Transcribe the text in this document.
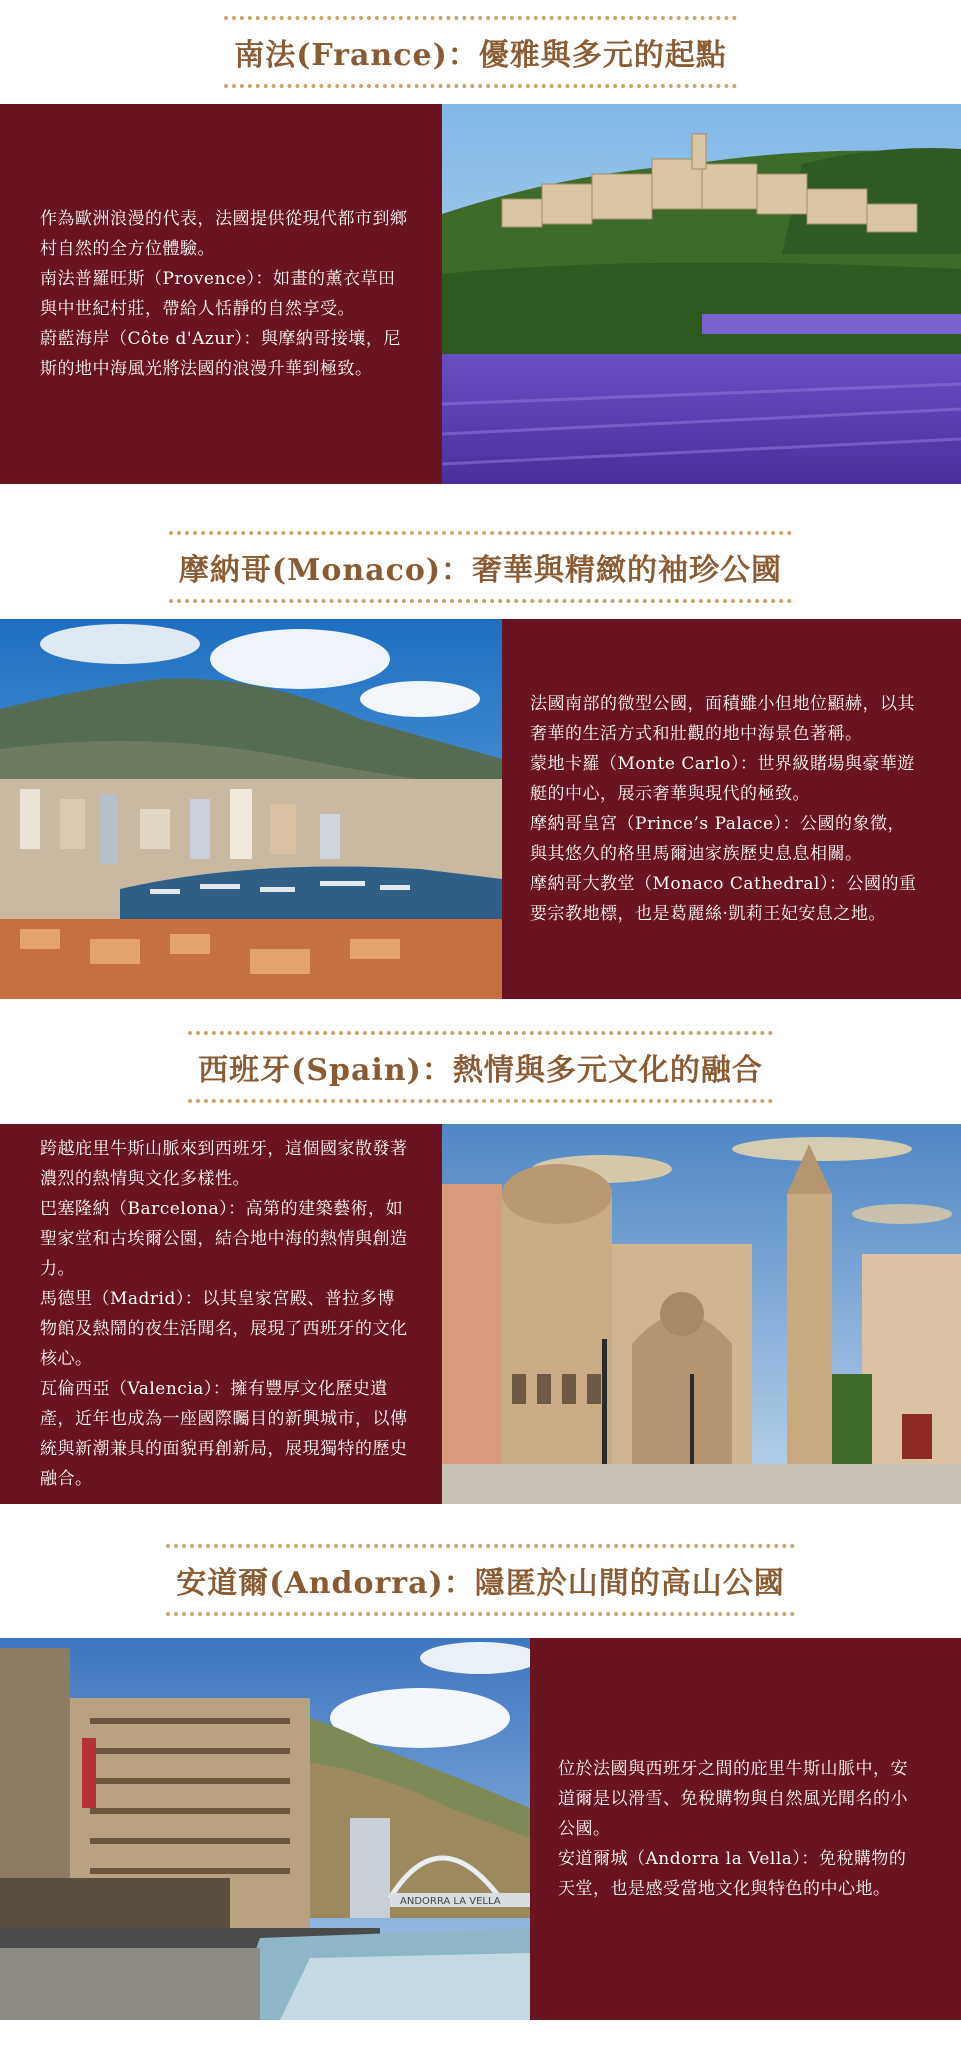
南法(France)：優雅與多元的起點

作為歐洲浪漫的代表，法國提供從現代都市到鄉村自然的全方位體驗。

南法普羅旺斯（Provence）：如畫的薰衣草田與中世紀村莊，帶給人恬靜的自然享受。

蔚藍海岸（Côte d'Azur）：與摩納哥接壤，尼斯的地中海風光將法國的浪漫升華到極致。

摩納哥(Monaco)：奢華與精緻的袖珍公國

法國南部的微型公國，面積雖小但地位顯赫，以其奢華的生活方式和壯觀的地中海景色著稱。

蒙地卡羅（Monte Carlo）：世界級賭場與豪華遊艇的中心，展示奢華與現代的極致。

摩納哥皇宮（Prince’s Palace）：公國的象徵，與其悠久的格里馬爾迪家族歷史息息相關。

摩納哥大教堂（Monaco Cathedral）：公國的重要宗教地標，也是葛麗絲·凱莉王妃安息之地。

西班牙(Spain)：熱情與多元文化的融合

跨越庇里牛斯山脈來到西班牙，這個國家散發著濃烈的熱情與文化多樣性。

巴塞隆納（Barcelona）：高第的建築藝術，如聖家堂和古埃爾公園，結合地中海的熱情與創造力。

馬德里（Madrid）：以其皇家宮殿、普拉多博物館及熱鬧的夜生活聞名，展現了西班牙的文化核心。

瓦倫西亞（Valencia）：擁有豐厚文化歷史遺產，近年也成為一座國際矚目的新興城市，以傳統與新潮兼具的面貌再創新局，展現獨特的歷史融合。

安道爾(Andorra)：隱匿於山間的高山公國
ANDORRA LA VELLA

位於法國與西班牙之間的庇里牛斯山脈中，安道爾是以滑雪、免稅購物與自然風光聞名的小公國。

安道爾城（Andorra la Vella）：免稅購物的天堂，也是感受當地文化與特色的中心地。
